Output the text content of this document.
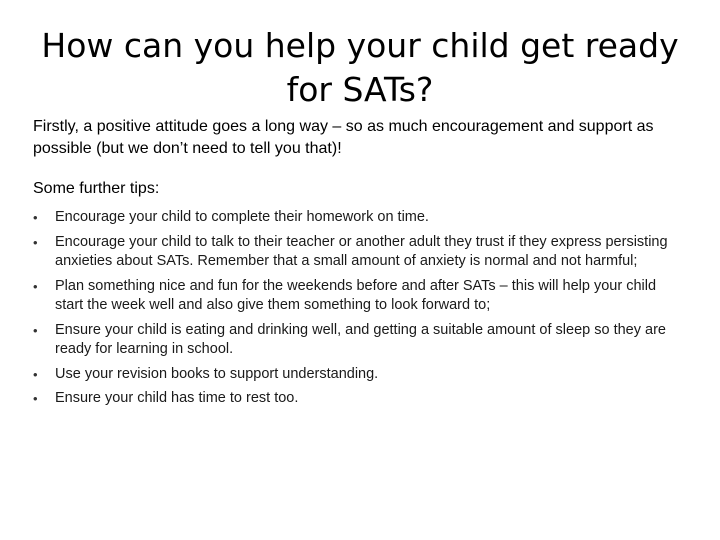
How can you help your child get ready for SATs?

Firstly, a positive attitude goes a long way – so as much encouragement and support as possible (but we don’t need to tell you that)!

Some further tips:

•	Encourage your child to complete their homework on time.
•	Encourage your child to talk to their teacher or another adult they trust if they express persisting anxieties about SATs. Remember that a small amount of anxiety is normal and not harmful;
•	Plan something nice and fun for the weekends before and after SATs – this will help your child start the week well and also give them something to look forward to;
•	Ensure your child is eating and drinking well, and getting a suitable amount of sleep so they are ready for learning in school.
•	Use your revision books to support understanding.
•	Ensure your child has time to rest too.
